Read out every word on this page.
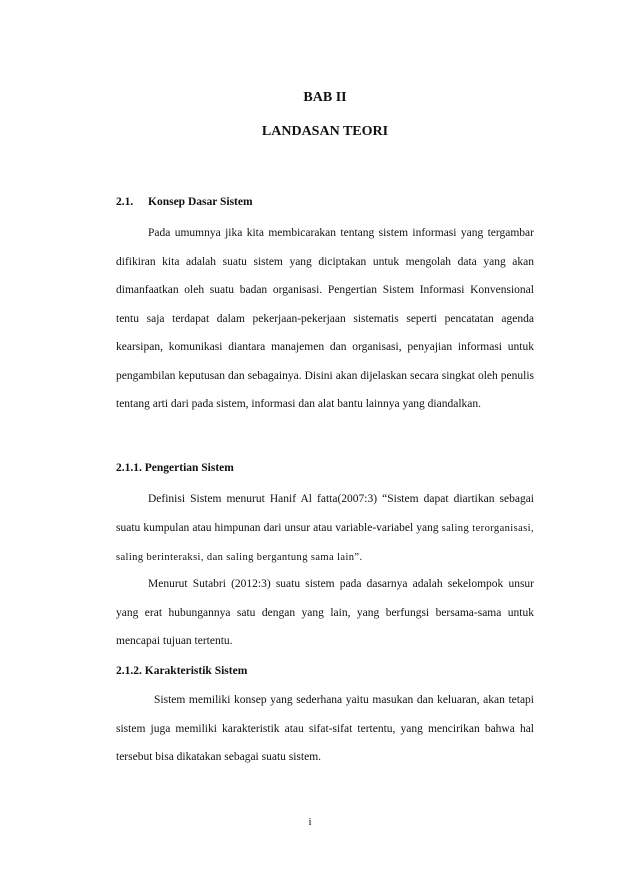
BAB II
LANDASAN TEORI
2.1. Konsep Dasar Sistem

Pada umumnya jika kita membicarakan tentang sistem informasi yang tergambar difikiran kita adalah suatu sistem yang diciptakan untuk mengolah data yang akan dimanfaatkan oleh suatu badan organisasi. Pengertian Sistem Informasi Konvensional tentu saja terdapat dalam pekerjaan-pekerjaan sistematis seperti pencatatan agenda kearsipan, komunikasi diantara manajemen dan organisasi, penyajian informasi untuk pengambilan keputusan dan sebagainya. Disini akan dijelaskan secara singkat oleh penulis tentang arti dari pada sistem, informasi dan alat bantu lainnya yang diandalkan.

2.1.1. Pengertian Sistem

Definisi Sistem menurut Hanif Al fatta(2007:3) “Sistem dapat diartikan sebagai suatu kumpulan atau himpunan dari unsur atau variable-variabel yang saling terorganisasi, saling berinteraksi, dan saling bergantung sama lain”.

Menurut Sutabri (2012:3) suatu sistem pada dasarnya adalah sekelompok unsur yang erat hubungannya satu dengan yang lain, yang berfungsi bersama-sama untuk mencapai tujuan tertentu.

2.1.2. Karakteristik Sistem

Sistem memiliki konsep yang sederhana yaitu masukan dan keluaran, akan tetapi sistem juga memiliki karakteristik atau sifat-sifat tertentu, yang mencirikan bahwa hal tersebut bisa dikatakan sebagai suatu sistem.

i
